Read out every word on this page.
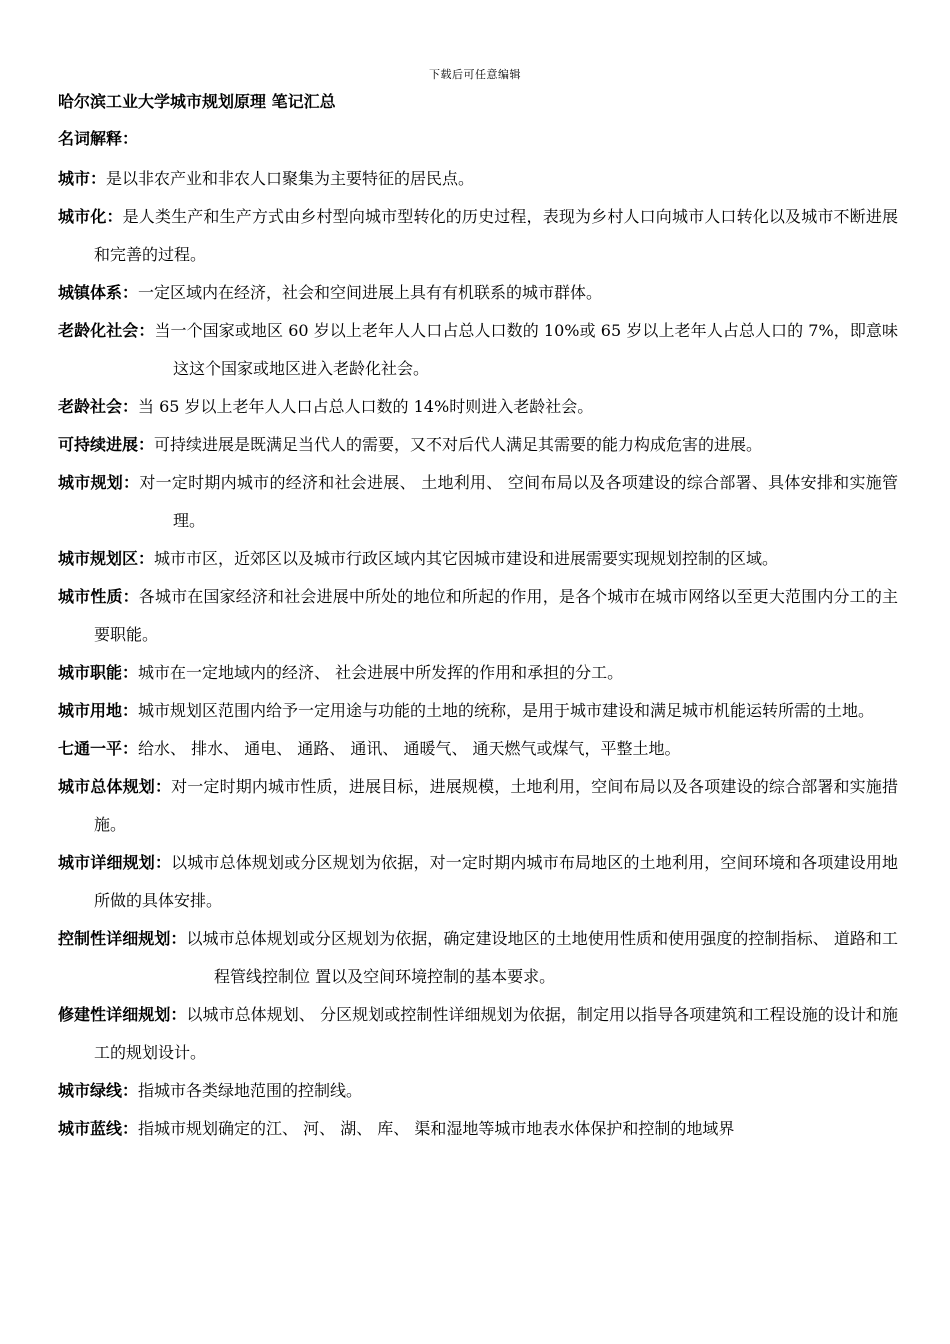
下载后可任意编辑
哈尔滨工业大学城市规划原理 笔记汇总
名词解释：
城市：是以非农产业和非农人口聚集为主要特征的居民点。
城市化：是人类生产和生产方式由乡村型向城市型转化的历史过程，表现为乡村人口向城市人口转化以及城市不断进展和完善的过程。
城镇体系：一定区域内在经济，社会和空间进展上具有有机联系的城市群体。
老龄化社会：当一个国家或地区 60 岁以上老年人人口占总人口数的 10%或 65 岁以上老年人占总人口的 7%，即意味这这个国家或地区进入老龄化社会。
老龄社会：当 65 岁以上老年人人口占总人口数的 14%时则进入老龄社会。
可持续进展：可持续进展是既满足当代人的需要，又不对后代人满足其需要的能力构成危害的进展。
城市规划：对一定时期内城市的经济和社会进展、 土地利用、 空间布局以及各项建设的综合部署、具体安排和实施管理。
城市规划区：城市市区，近郊区以及城市行政区域内其它因城市建设和进展需要实现规划控制的区域。
城市性质：各城市在国家经济和社会进展中所处的地位和所起的作用，是各个城市在城市网络以至更大范围内分工的主要职能。
城市职能：城市在一定地域内的经济、 社会进展中所发挥的作用和承担的分工。
城市用地：城市规划区范围内给予一定用途与功能的土地的统称，是用于城市建设和满足城市机能运转所需的土地。
七通一平：给水、 排水、 通电、 通路、 通讯、 通暖气、 通天燃气或煤气，平整土地。
城市总体规划：对一定时期内城市性质，进展目标，进展规模，土地利用，空间布局以及各项建设的综合部署和实施措施。
城市详细规划：以城市总体规划或分区规划为依据，对一定时期内城市布局地区的土地利用，空间环境和各项建设用地所做的具体安排。
控制性详细规划：以城市总体规划或分区规划为依据，确定建设地区的土地使用性质和使用强度的控制指标、 道路和工程管线控制位 置以及空间环境控制的基本要求。
修建性详细规划：以城市总体规划、 分区规划或控制性详细规划为依据，制定用以指导各项建筑和工程设施的设计和施工的规划设计。
城市绿线：指城市各类绿地范围的控制线。
城市蓝线：指城市规划确定的江、 河、 湖、 库、 渠和湿地等城市地表水体保护和控制的地域界
